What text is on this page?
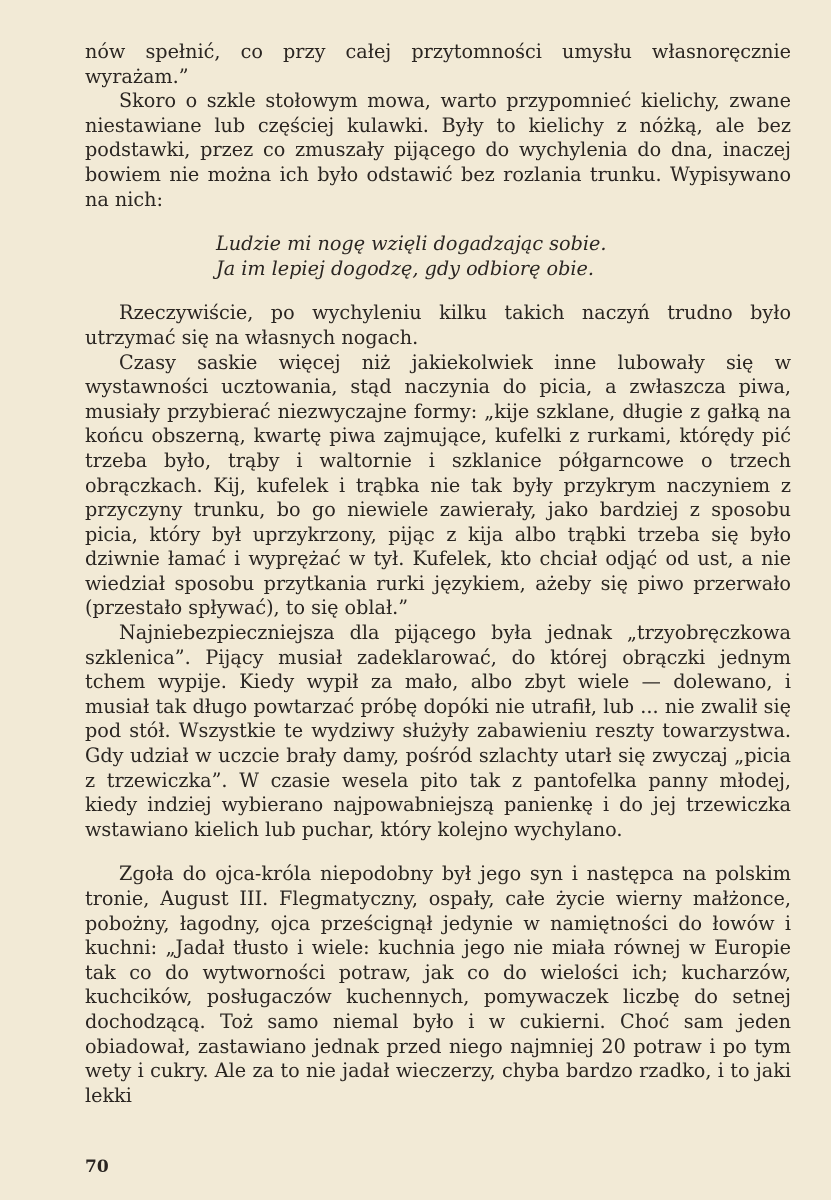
nów spełnić, co przy całej przytomności umysłu własnoręcznie wyrażam.”

Skoro o szkle stołowym mowa, warto przypomnieć kielichy, zwane niestawiane lub częściej kulawki. Były to kielichy z nóżką, ale bez podstawki, przez co zmuszały pijącego do wychylenia do dna, inaczej bowiem nie można ich było odstawić bez rozlania trunku. Wypisywano na nich:

Ludzie mi nogę wzięli dogadzając sobie.
Ja im lepiej dogodzę, gdy odbiorę obie.

Rzeczywiście, po wychyleniu kilku takich naczyń trudno było utrzymać się na własnych nogach.

Czasy saskie więcej niż jakiekolwiek inne lubowały się w wystawności ucztowania, stąd naczynia do picia, a zwłaszcza piwa, musiały przybierać niezwyczajne formy: „kije szklane, długie z gałką na końcu obszerną, kwartę piwa zajmujące, kufelki z rurkami, którędy pić trzeba było, trąby i waltornie i szklanice półgarncowe o trzech obrączkach. Kij, kufelek i trąbka nie tak były przykrym naczyniem z przyczyny trunku, bo go niewiele zawierały, jako bardziej z sposobu picia, który był uprzykrzony, pijąc z kija albo trąbki trzeba się było dziwnie łamać i wyprężać w tył. Kufelek, kto chciał odjąć od ust, a nie wiedział sposobu przytkania rurki językiem, ażeby się piwo przerwało (przestało spływać), to się oblał.”

Najniebezpieczniejsza dla pijącego była jednak „trzyobręczkowa szklenica”. Pijący musiał zadeklarować, do której obrączki jednym tchem wypije. Kiedy wypił za mało, albo zbyt wiele — dolewano, i musiał tak długo powtarzać próbę dopóki nie utrafił, lub ... nie zwalił się pod stół. Wszystkie te wydziwy służyły zabawieniu reszty towarzystwa. Gdy udział w uczcie brały damy, pośród szlachty utarł się zwyczaj „picia z trzewiczka”. W czasie wesela pito tak z pantofelka panny młodej, kiedy indziej wybierano najpowabniejszą panienkę i do jej trzewiczka wstawiano kielich lub puchar, który kolejno wychylano.

Zgoła do ojca-króla niepodobny był jego syn i następca na polskim tronie, August III. Flegmatyczny, ospały, całe życie wierny małżonce, pobożny, łagodny, ojca prześcignął jedynie w namiętności do łowów i kuchni: „Jadał tłusto i wiele: kuchnia jego nie miała równej w Europie tak co do wytworności potraw, jak co do wielości ich; kucharzów, kuchcików, posługaczów kuchennych, pomywaczek liczbę do setnej dochodzącą. Toż samo niemal było i w cukierni. Choć sam jeden obiadował, zastawiano jednak przed niego najmniej 20 potraw i po tym wety i cukry. Ale za to nie jadał wieczerzy, chyba bardzo rzadko, i to jaki lekki

70
